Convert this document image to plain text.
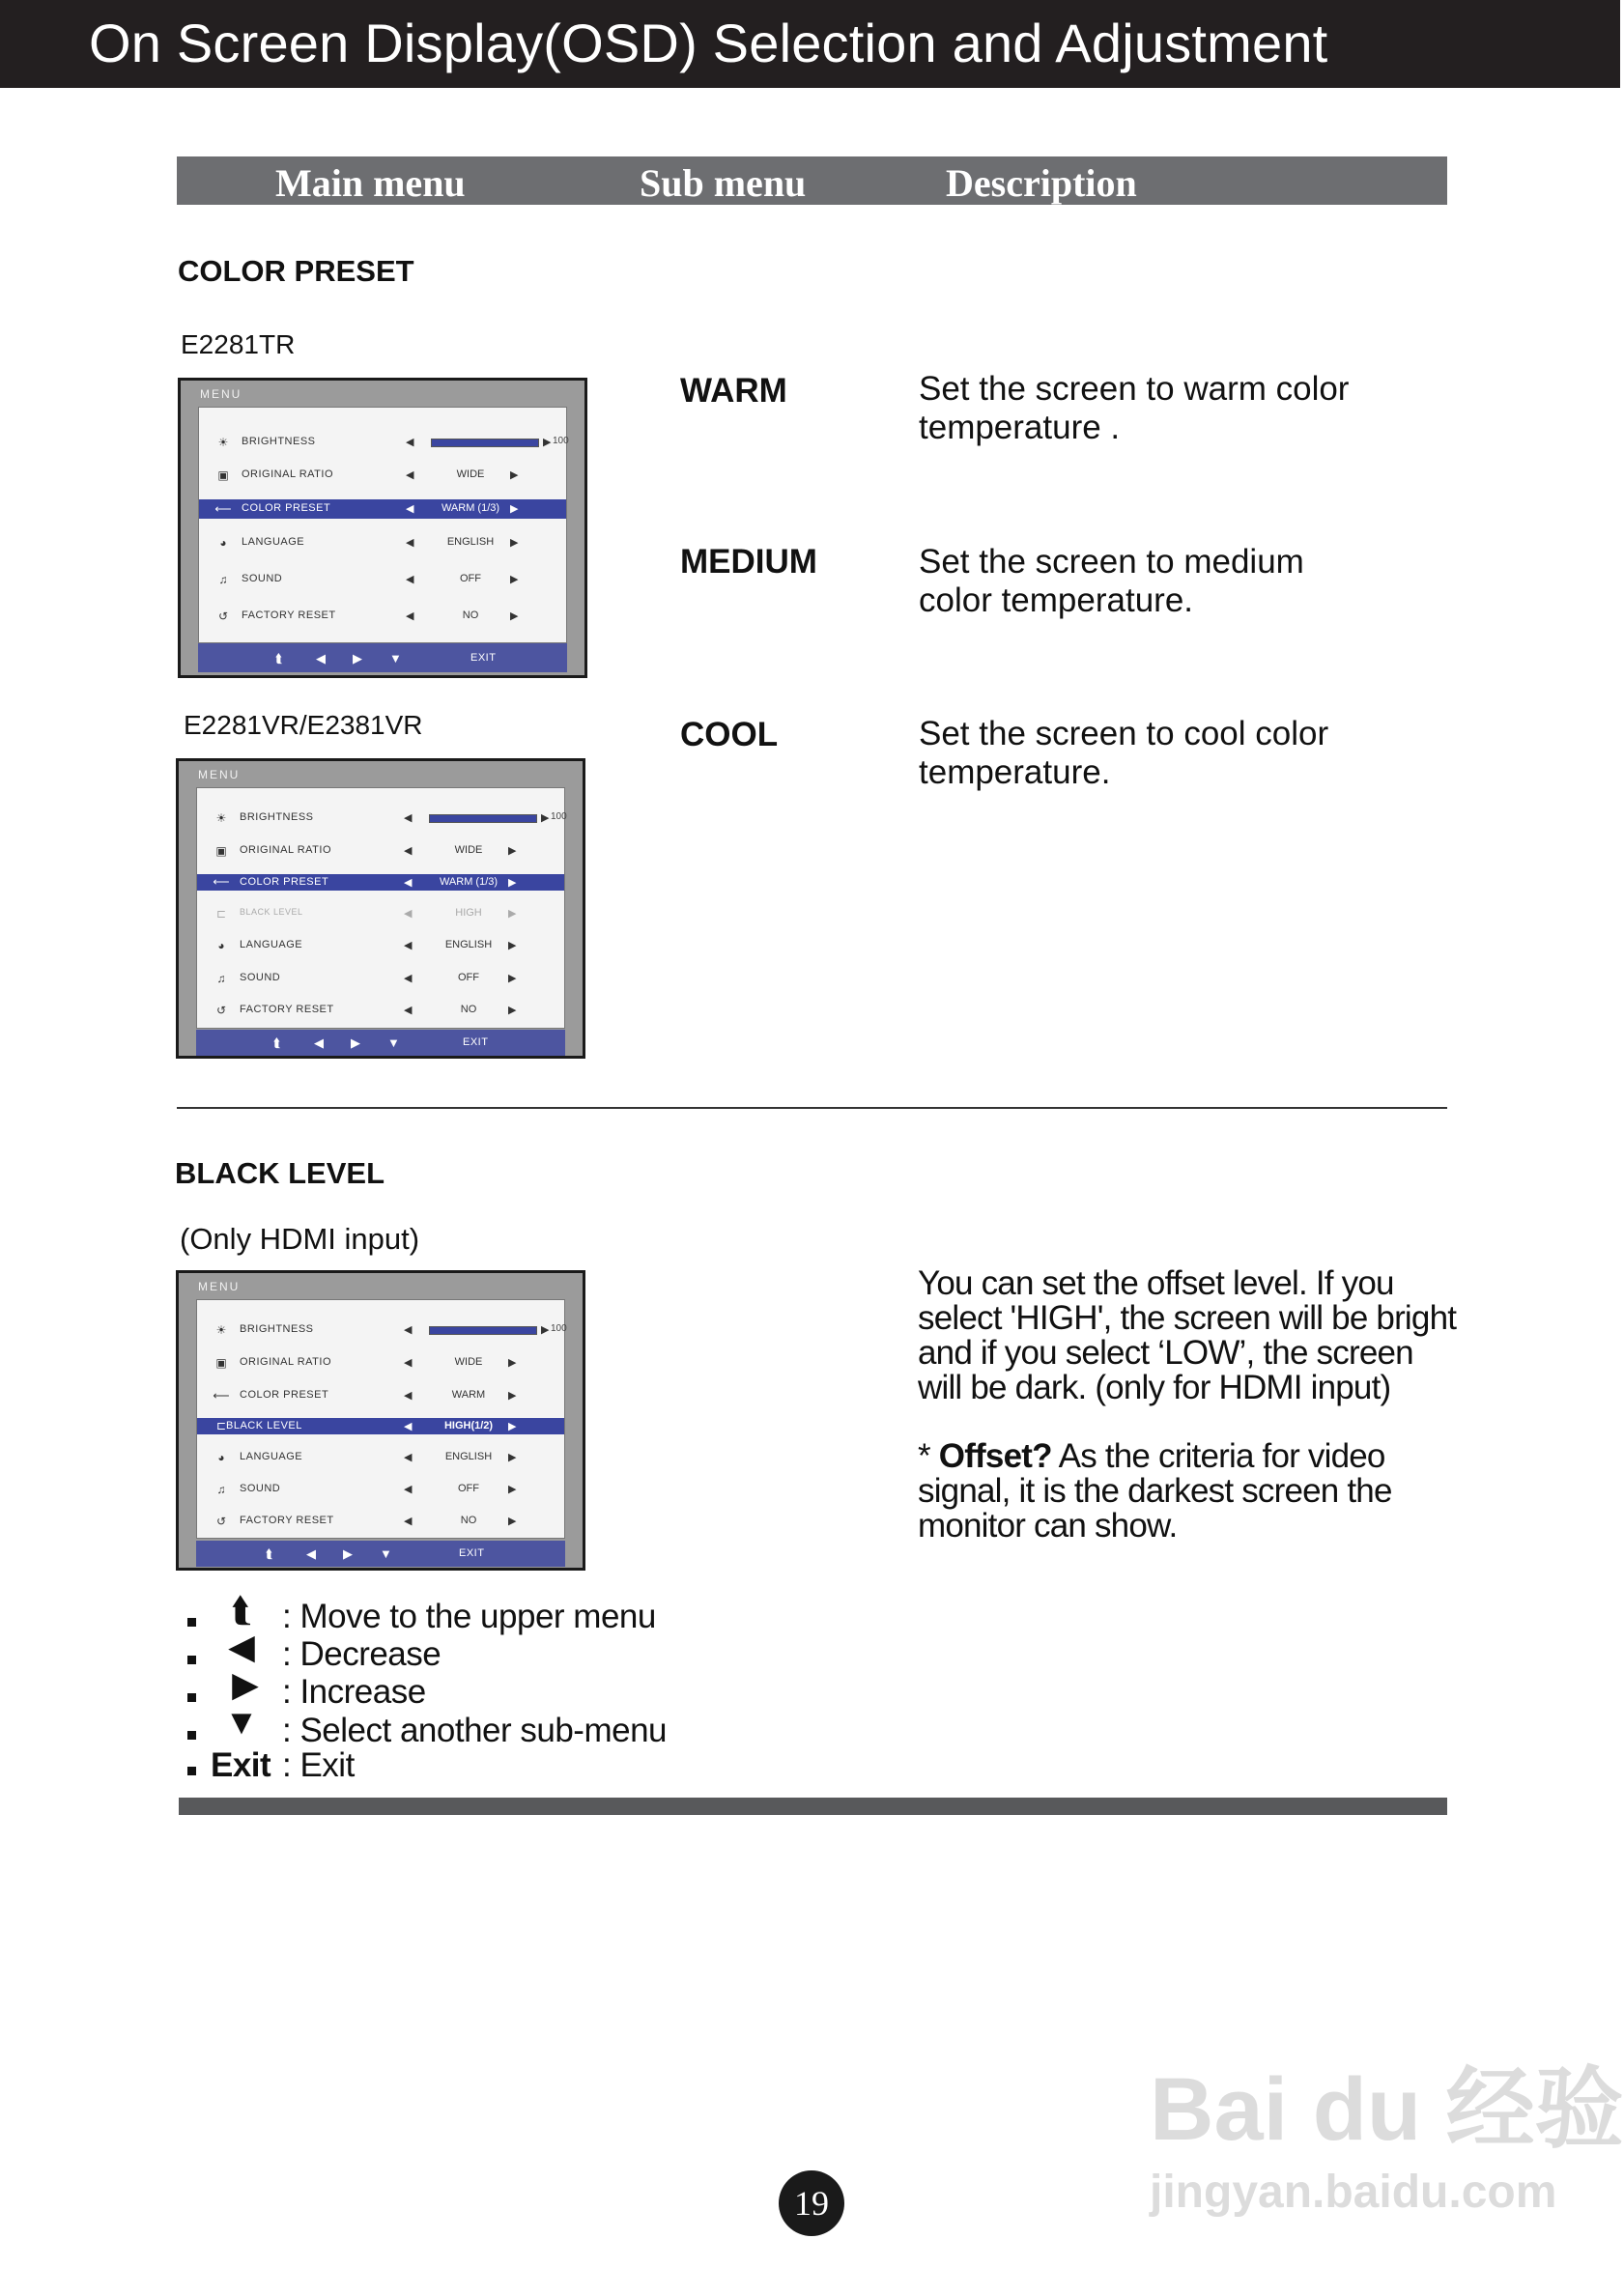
On Screen Display(OSD) Selection and Adjustment
Main menu	Sub menu	Description
COLOR PRESET
E2281TR
MENU
☀ BRIGHTNESS	◀	▶ 100
▣ ORIGINAL RATIO	◀	WIDE	▶
⟵ COLOR PRESET	◀	WARM (1/3) ▶
◕	LANGUAGE	◀	ENGLISH	▶
♫ SOUND	◀	OFF	▶
↺ FACTORY RESET	◀	NO	▶
⮬	◀ ▶ ▼	EXIT
WARM	Set the screen to warm color temperature .
MEDIUM	Set the screen to medium color temperature.
COOL	Set the screen to cool color temperature.
E2281VR/E2381VR
MENU
☀ BRIGHTNESS	◀	▶ 100
▣ ORIGINAL RATIO	◀	WIDE	▶
⟵ COLOR PRESET	◀	WARM (1/3) ▶
⊏ BLACK LEVEL	◀	HIGH	▶
◕	LANGUAGE	◀	ENGLISH	▶
♫ SOUND	◀	OFF	▶
↺ FACTORY RESET	◀	NO	▶
⮬	◀ ▶ ▼	EXIT
BLACK LEVEL
(Only HDMI input)
MENU
☀ BRIGHTNESS	◀	▶ 100
▣ ORIGINAL RATIO	◀	WIDE	▶
⟵ COLOR PRESET	◀	WARM	▶
⊏ BLACK LEVEL	◀	HIGH(1/2)	▶
◕	LANGUAGE	◀	ENGLISH	▶
♫ SOUND	◀	OFF	▶
↺ FACTORY RESET	◀	NO	▶
⮬	◀ ▶ ▼	EXIT
You can set the offset level. If you select 'HIGH', the screen will be bright and if you select ‘LOW’, the screen will be dark. (only for HDMI input)
* Offset? As the criteria for video signal, it is the darkest screen the monitor can show.
⮬ : Move to the upper menu
◀ : Decrease
▶ : Increase
▼ : Select another sub-menu
Exit : Exit
Bai du 经验
jingyan.baidu.com
19
